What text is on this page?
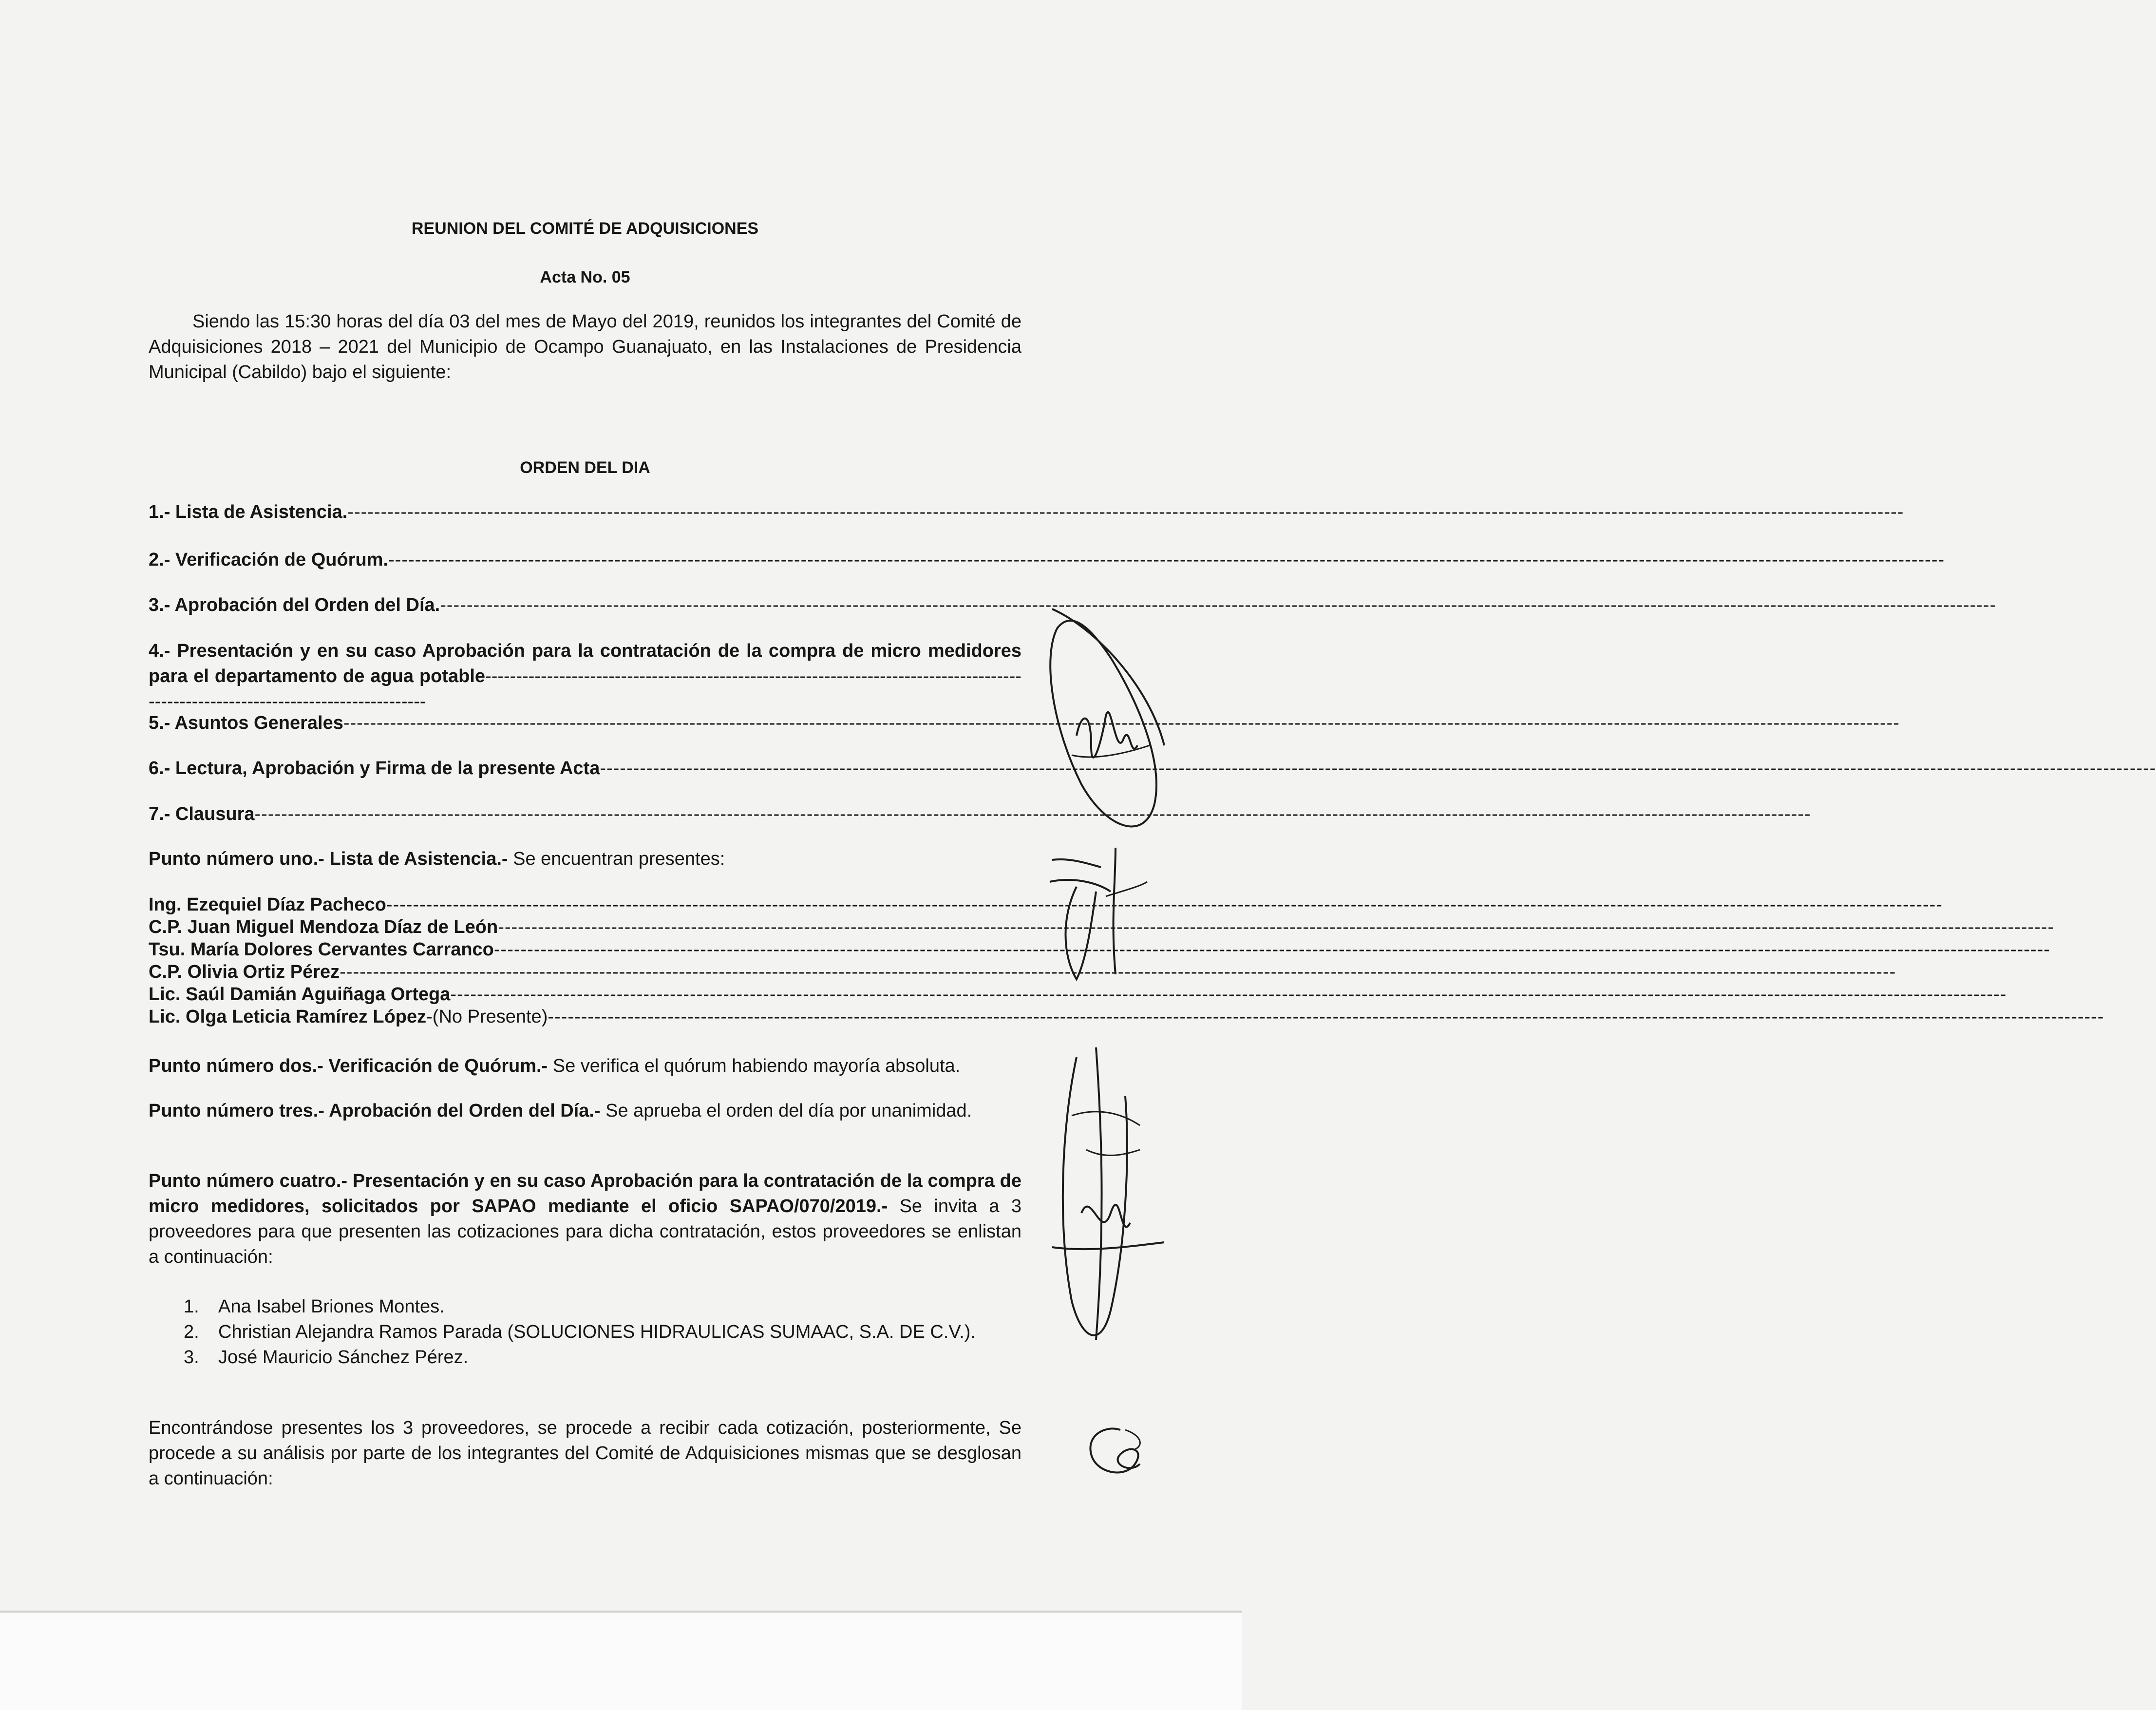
REUNION DEL COMITÉ DE ADQUISICIONES
Acta No. 05
Siendo las 15:30 horas del día 03 del mes de Mayo del 2019, reunidos los integrantes del Comité de Adquisiciones 2018 – 2021 del Municipio de Ocampo Guanajuato, en las Instalaciones de Presidencia Municipal (Cabildo) bajo el siguiente:
ORDEN DEL DIA
1.- Lista de Asistencia. -----
2.- Verificación de Quórum. -----
3.- Aprobación del Orden del Día. -----
4.- Presentación y en su caso Aprobación para la contratación de la compra de micro medidores para el departamento de agua potable------------------------------------------------------------------------------------------------------------------------------------
5.- Asuntos Generales -----
6.- Lectura, Aprobación y Firma de la presente Acta -----
7.- Clausura -----
Punto número uno.- Lista de Asistencia.- Se encuentran presentes:
Ing. Ezequiel Díaz Pacheco -----
C.P. Juan Miguel Mendoza Díaz de León -----
Tsu. María Dolores Cervantes Carranco -----
C.P. Olivia Ortiz Pérez -----
Lic. Saúl Damián Aguiñaga Ortega -----
Lic. Olga Leticia Ramírez López-(No Presente) -----
Punto número dos.- Verificación de Quórum.- Se verifica el quórum habiendo mayoría absoluta.
Punto número tres.- Aprobación del Orden del Día.- Se aprueba el orden del día por unanimidad.
Punto número cuatro.- Presentación y en su caso Aprobación para la contratación de la compra de micro medidores, solicitados por SAPAO mediante el oficio SAPAO/070/2019.- Se invita a 3 proveedores para que presenten las cotizaciones para dicha contratación, estos proveedores se enlistan a continuación:
1.	Ana Isabel Briones Montes.
2.	Christian Alejandra Ramos Parada (SOLUCIONES HIDRAULICAS SUMAAC, S.A. DE C.V.).
3.	José Mauricio Sánchez Pérez.
Encontrándose presentes los 3 proveedores, se procede a recibir cada cotización, posteriormente, Se procede a su análisis por parte de los integrantes del Comité de Adquisiciones mismas que se desglosan a continuación:
